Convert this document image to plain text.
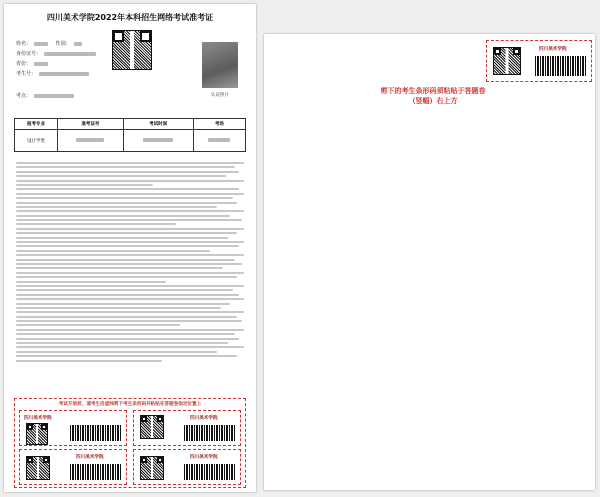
四川美术学院2022年本科招生网络考试准考证
姓名：	性别：
身份证号：
省份：
考生号：
考点：	认证照片
报考专业	准考证号	考试时间	考场
设计学类			
考试开始前，请考生沿虚线剪下考生条形码并粘贴在答题卷指定位置上
四川美术学院	四川美术学院
四川美术学院	四川美术学院
四川美术学院
剪下的考生条形码须粘贴于答题卷
（竖幅）右上方
